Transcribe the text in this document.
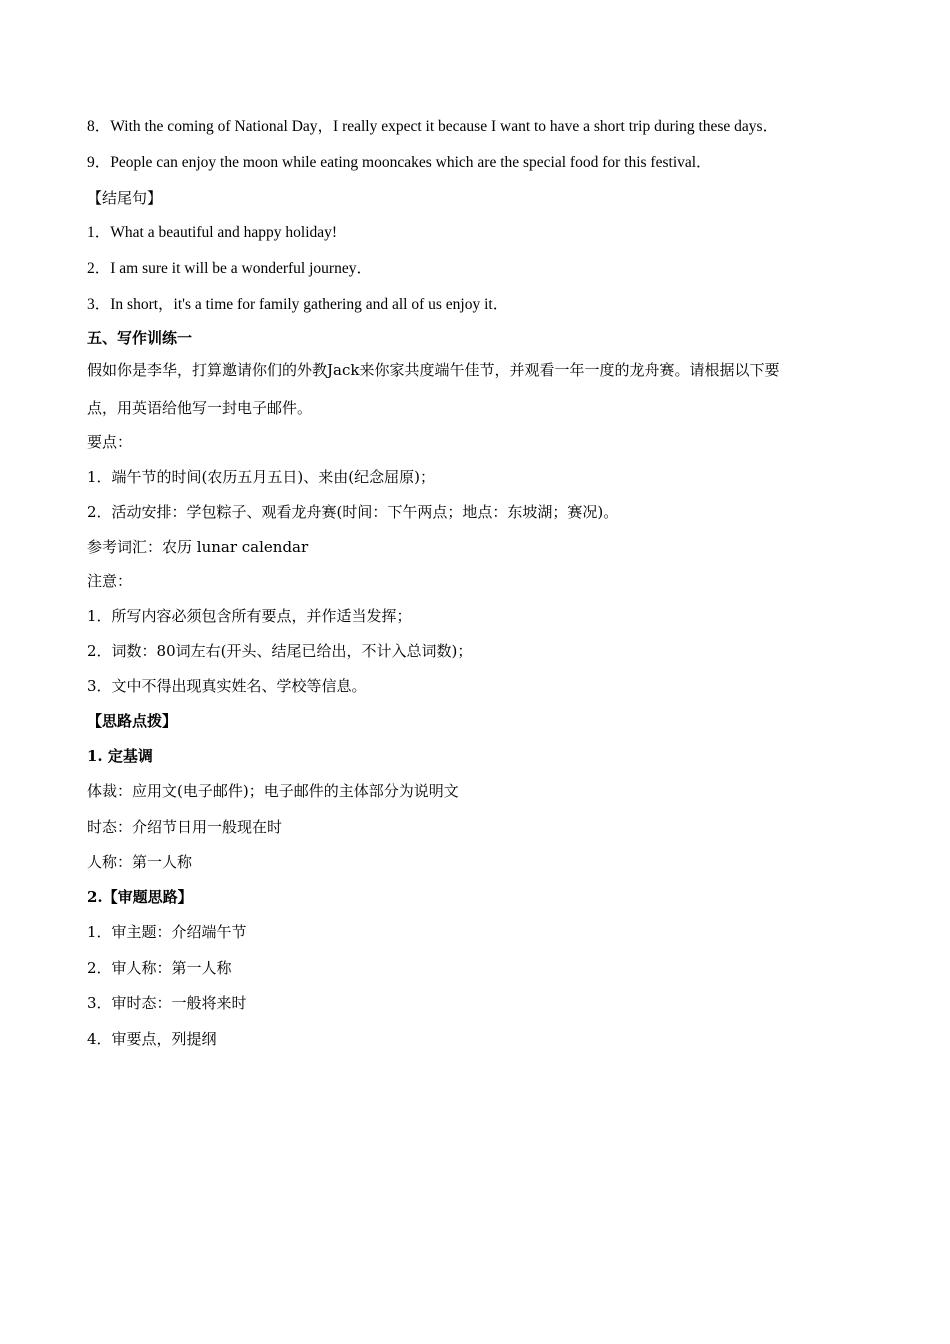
8．With the coming of National Day，I really expect it because I want to have a short trip during these days．

9．People can enjoy the moon while eating mooncakes which are the special food for this festival．

【结尾句】

1．What a beautiful and happy holiday!

2．I am sure it will be a wonderful journey．

3．In short，it's a time for family gathering and all of us enjoy it．

五、写作训练一

假如你是李华，打算邀请你们的外教Jack来你家共度端午佳节，并观看一年一度的龙舟赛。请根据以下要

点，用英语给他写一封电子邮件。

要点：

1．端午节的时间(农历五月五日)、来由(纪念屈原)；

2．活动安排：学包粽子、观看龙舟赛(时间：下午两点；地点：东坡湖；赛况)。

参考词汇：农历 lunar calendar

注意：

1．所写内容必须包含所有要点，并作适当发挥；

2．词数：80词左右(开头、结尾已给出，不计入总词数)；

3．文中不得出现真实姓名、学校等信息。

【思路点拨】

1. 定基调

体裁：应用文(电子邮件)；电子邮件的主体部分为说明文

时态：介绍节日用一般现在时

人称：第一人称

2.【审题思路】

1．审主题：介绍端午节

2．审人称：第一人称

3．审时态：一般将来时

4．审要点，列提纲
